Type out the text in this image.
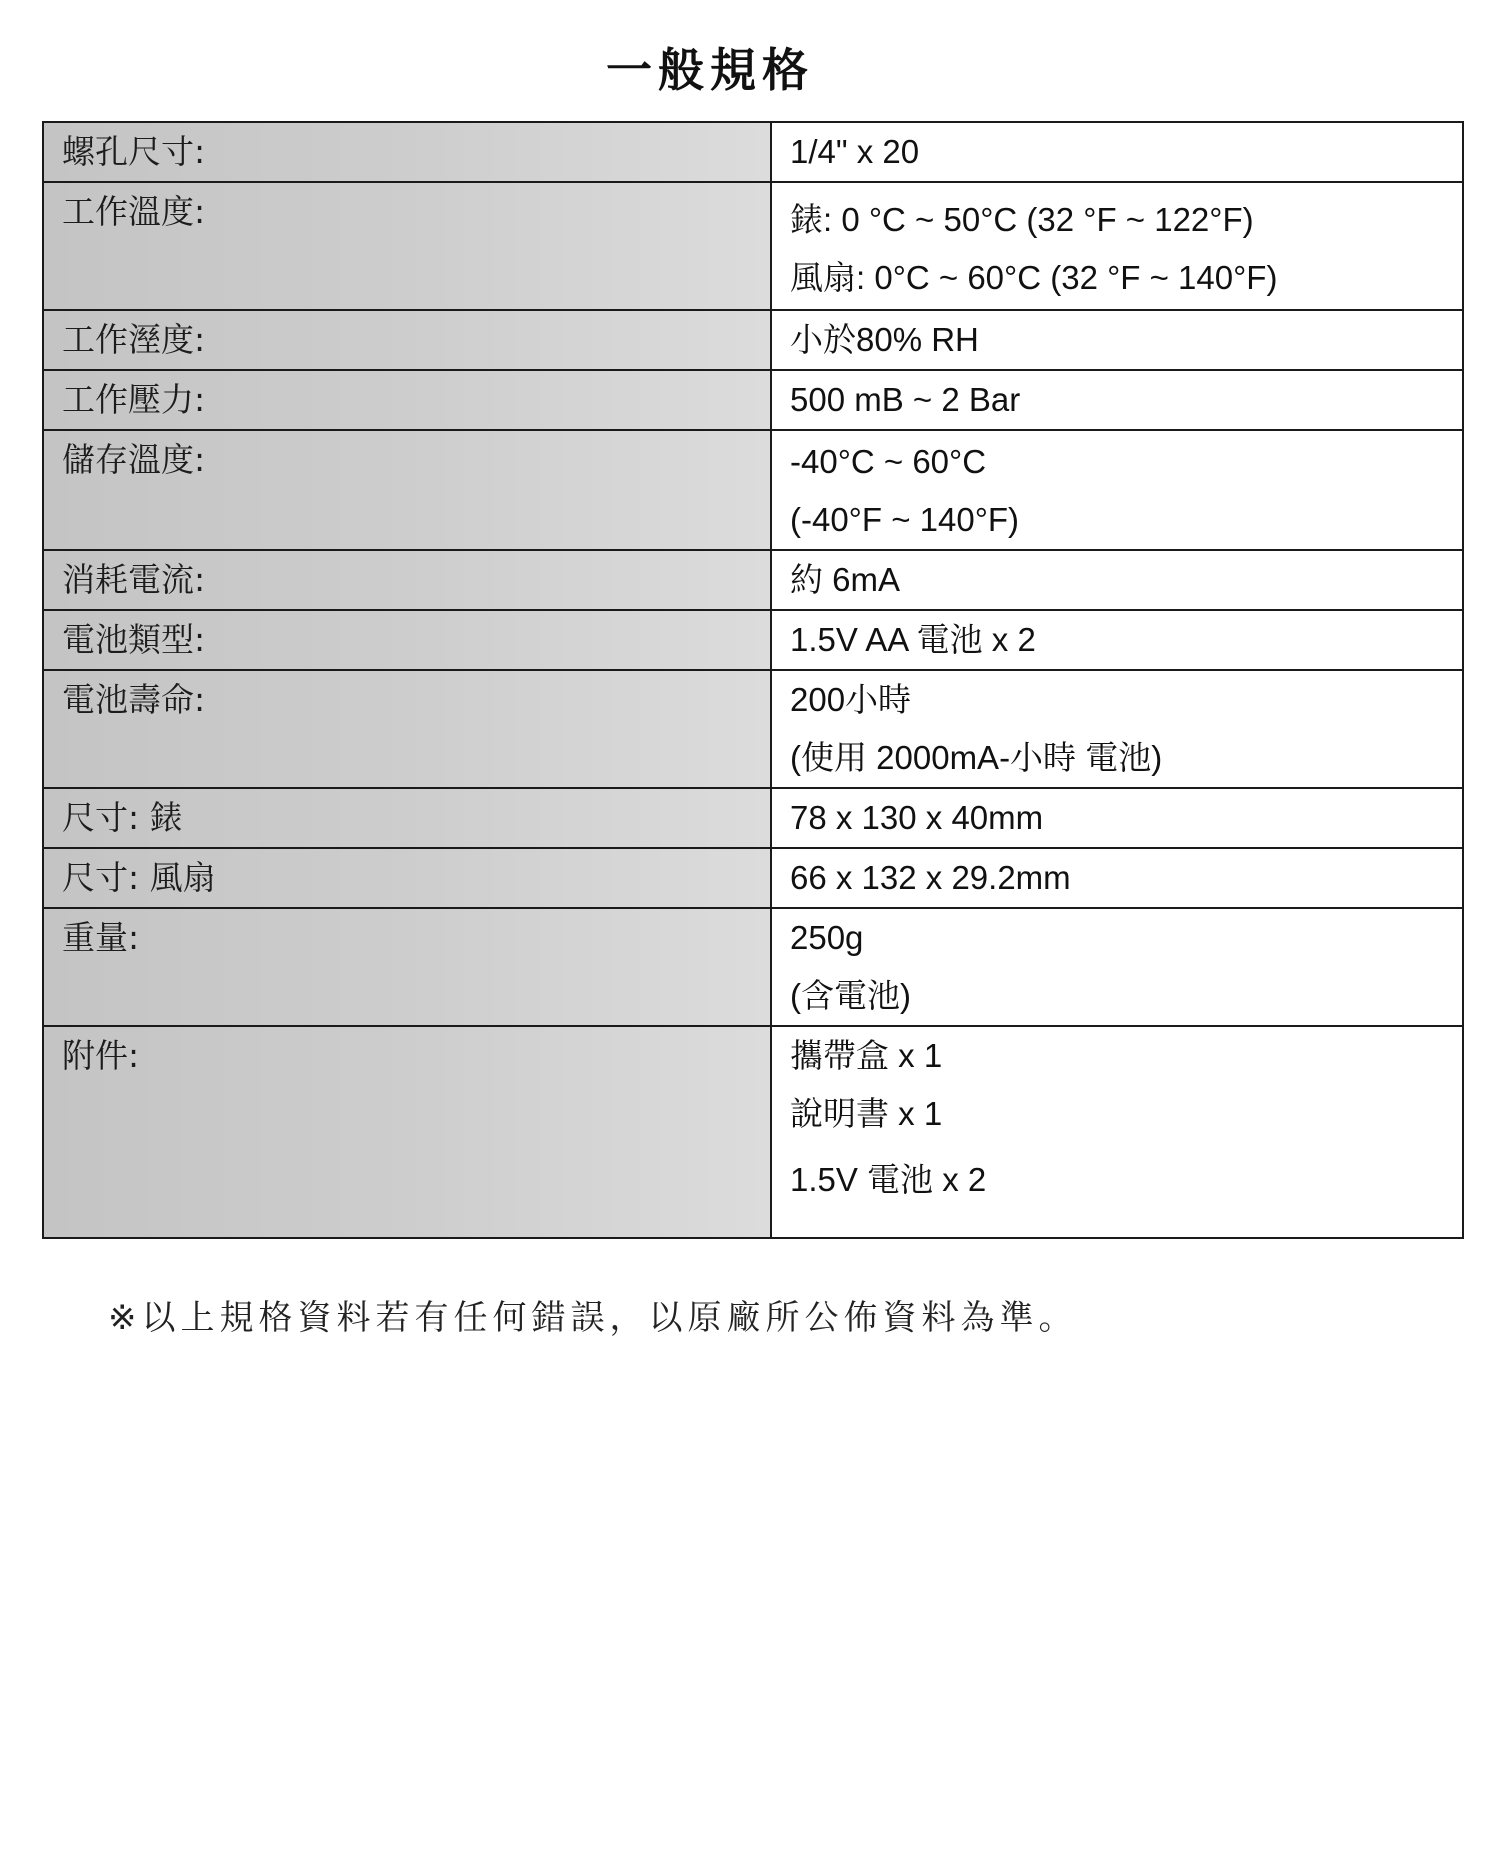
一般規格
螺孔尺寸:	1/4" x 20

工作溫度:	錶: 0 °C ~ 50°C (32 °F ~ 122°F)
風扇: 0°C ~ 60°C (32 °F ~ 140°F)

工作溼度:	小於80% RH

工作壓力:	500 mB ~ 2 Bar

儲存溫度:	-40°C ~ 60°C
(-40°F ~ 140°F)

消耗電流:	約 6mA

電池類型:	1.5V AA 電池 x 2

電池壽命:	200小時
(使用 2000mA-小時 電池)

尺寸: 錶	78 x 130 x 40mm

尺寸: 風扇	66 x 132 x 29.2mm

重量:	250g
(含電池)

附件:	攜帶盒 x 1
說明書 x 1
1.5V 電池 x 2
※以上規格資料若有任何錯誤，以原廠所公佈資料為準。
